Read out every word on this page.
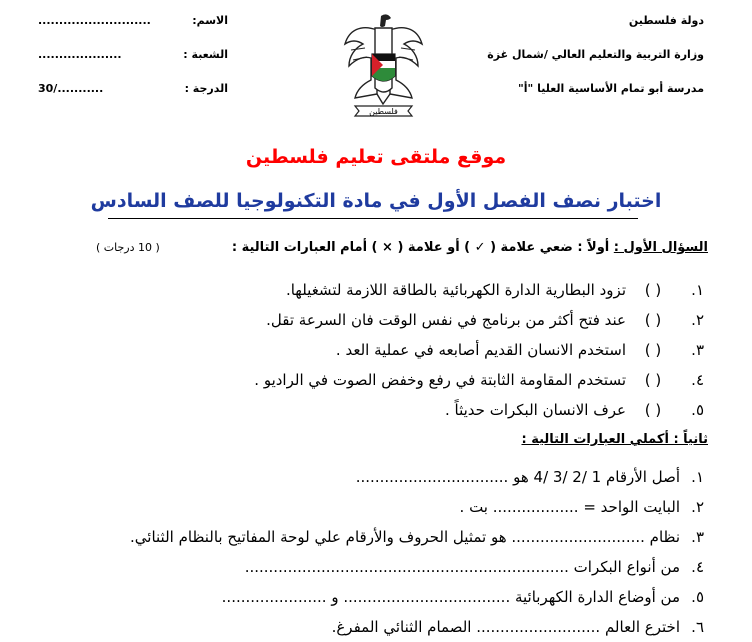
دولة فلسطين
وزارة التربية والتعليم العالي /شمال غزة
مدرسة أبو تمام الأساسية العليا "أ"
فلسطين
الاسم:
...........................
الشعبة :
....................
الدرجة :
30/...........
موقع ملتقى تعليم فلسطين
اختبار نصف الفصل الأول في مادة التكنولوجيا للصف السادس
السؤال الأول : أولاً : ضعي علامة ( ✓ ) أو علامة ( × ) أمام العبارات التالية :
( 10 درجات )
١.
( )
تزود البطارية الدارة الكهربائية بالطاقة اللازمة لتشغيلها.
٢.
( )
عند فتح أكثر من برنامج في نفس الوقت فان السرعة تقل.
٣.
( )
استخدم الانسان القديم أصابعه في عملية العد .
٤.
( )
تستخدم المقاومة الثابتة في رفع وخفض الصوت في الراديو .
٥.
( )
عرف الانسان البكرات حديثاً .
ثانياً : أكملي العبارات التالية :
١.
أصل الأرقام 1 /2 /3 /4 هو ................................
٢.
البايت الواحد = .................. بت .
٣.
نظام ............................ هو تمثيل الحروف والأرقام علي لوحة المفاتيح بالنظام الثنائي.
٤.
من أنواع البكرات ....................................................................
٥.
من أوضاع الدارة الكهربائية ................................... و ......................
٦.
اخترع العالم .......................... الصمام الثنائي المفرغ.
